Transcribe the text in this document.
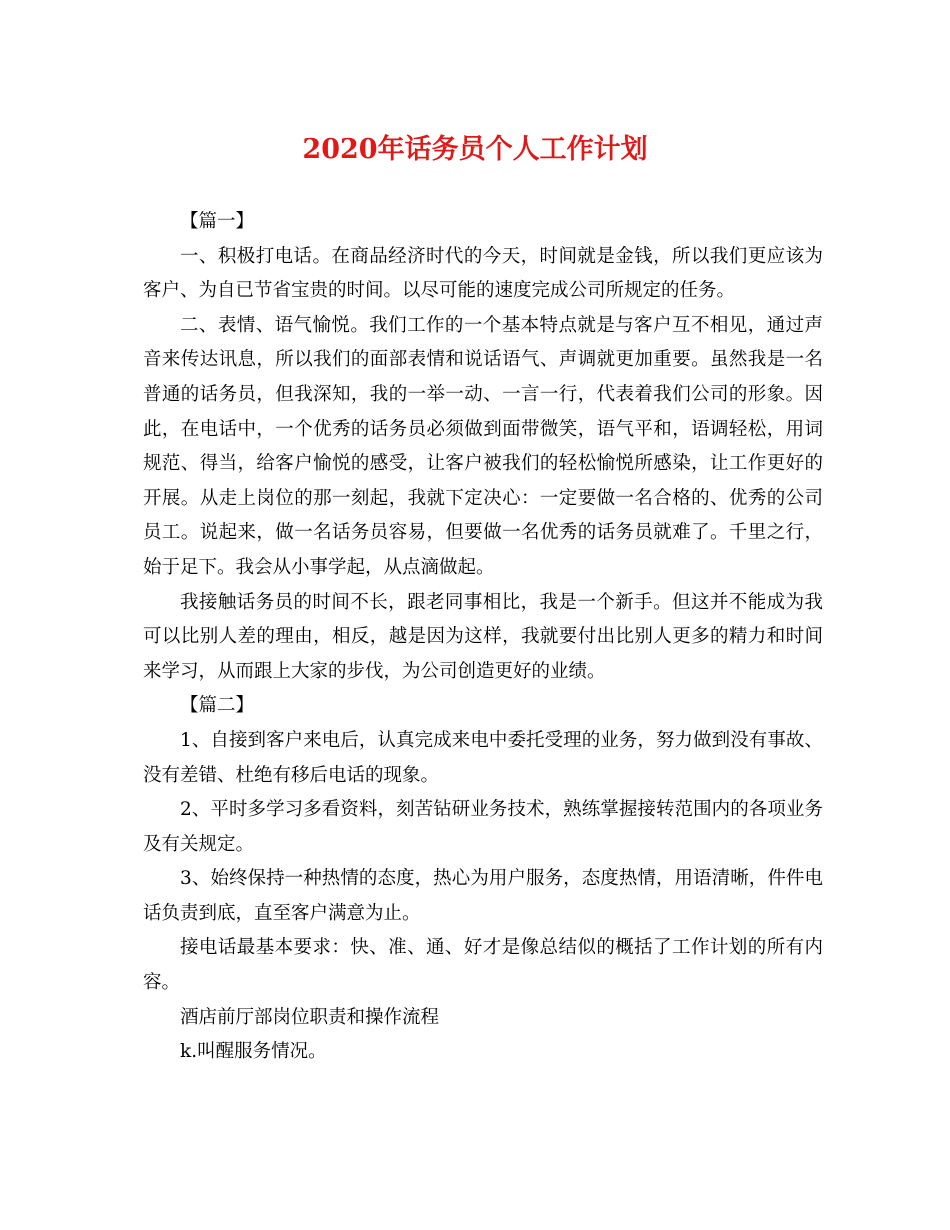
2020年话务员个人工作计划

【篇一】

一、积极打电话。在商品经济时代的今天，时间就是金钱，所以我们更应该为客户、为自已节省宝贵的时间。以尽可能的速度完成公司所规定的任务。

二、表情、语气愉悦。我们工作的一个基本特点就是与客户互不相见，通过声音来传达讯息，所以我们的面部表情和说话语气、声调就更加重要。虽然我是一名普通的话务员，但我深知，我的一举一动、一言一行，代表着我们公司的形象。因此，在电话中，一个优秀的话务员必须做到面带微笑，语气平和，语调轻松，用词规范、得当，给客户愉悦的感受，让客户被我们的轻松愉悦所感染，让工作更好的开展。从走上岗位的那一刻起，我就下定决心：一定要做一名合格的、优秀的公司员工。说起来，做一名话务员容易，但要做一名优秀的话务员就难了。千里之行，始于足下。我会从小事学起，从点滴做起。

我接触话务员的时间不长，跟老同事相比，我是一个新手。但这并不能成为我可以比别人差的理由，相反，越是因为这样，我就要付出比别人更多的精力和时间来学习，从而跟上大家的步伐，为公司创造更好的业绩。

【篇二】

1、自接到客户来电后，认真完成来电中委托受理的业务，努力做到没有事故、没有差错、杜绝有移后电话的现象。

2、平时多学习多看资料，刻苦钻研业务技术，熟练掌握接转范围内的各项业务及有关规定。

3、始终保持一种热情的态度，热心为用户服务，态度热情，用语清晰，件件电话负责到底，直至客户满意为止。

接电话最基本要求：快、准、通、好才是像总结似的概括了工作计划的所有内容。

酒店前厅部岗位职责和操作流程

k.叫醒服务情况。
